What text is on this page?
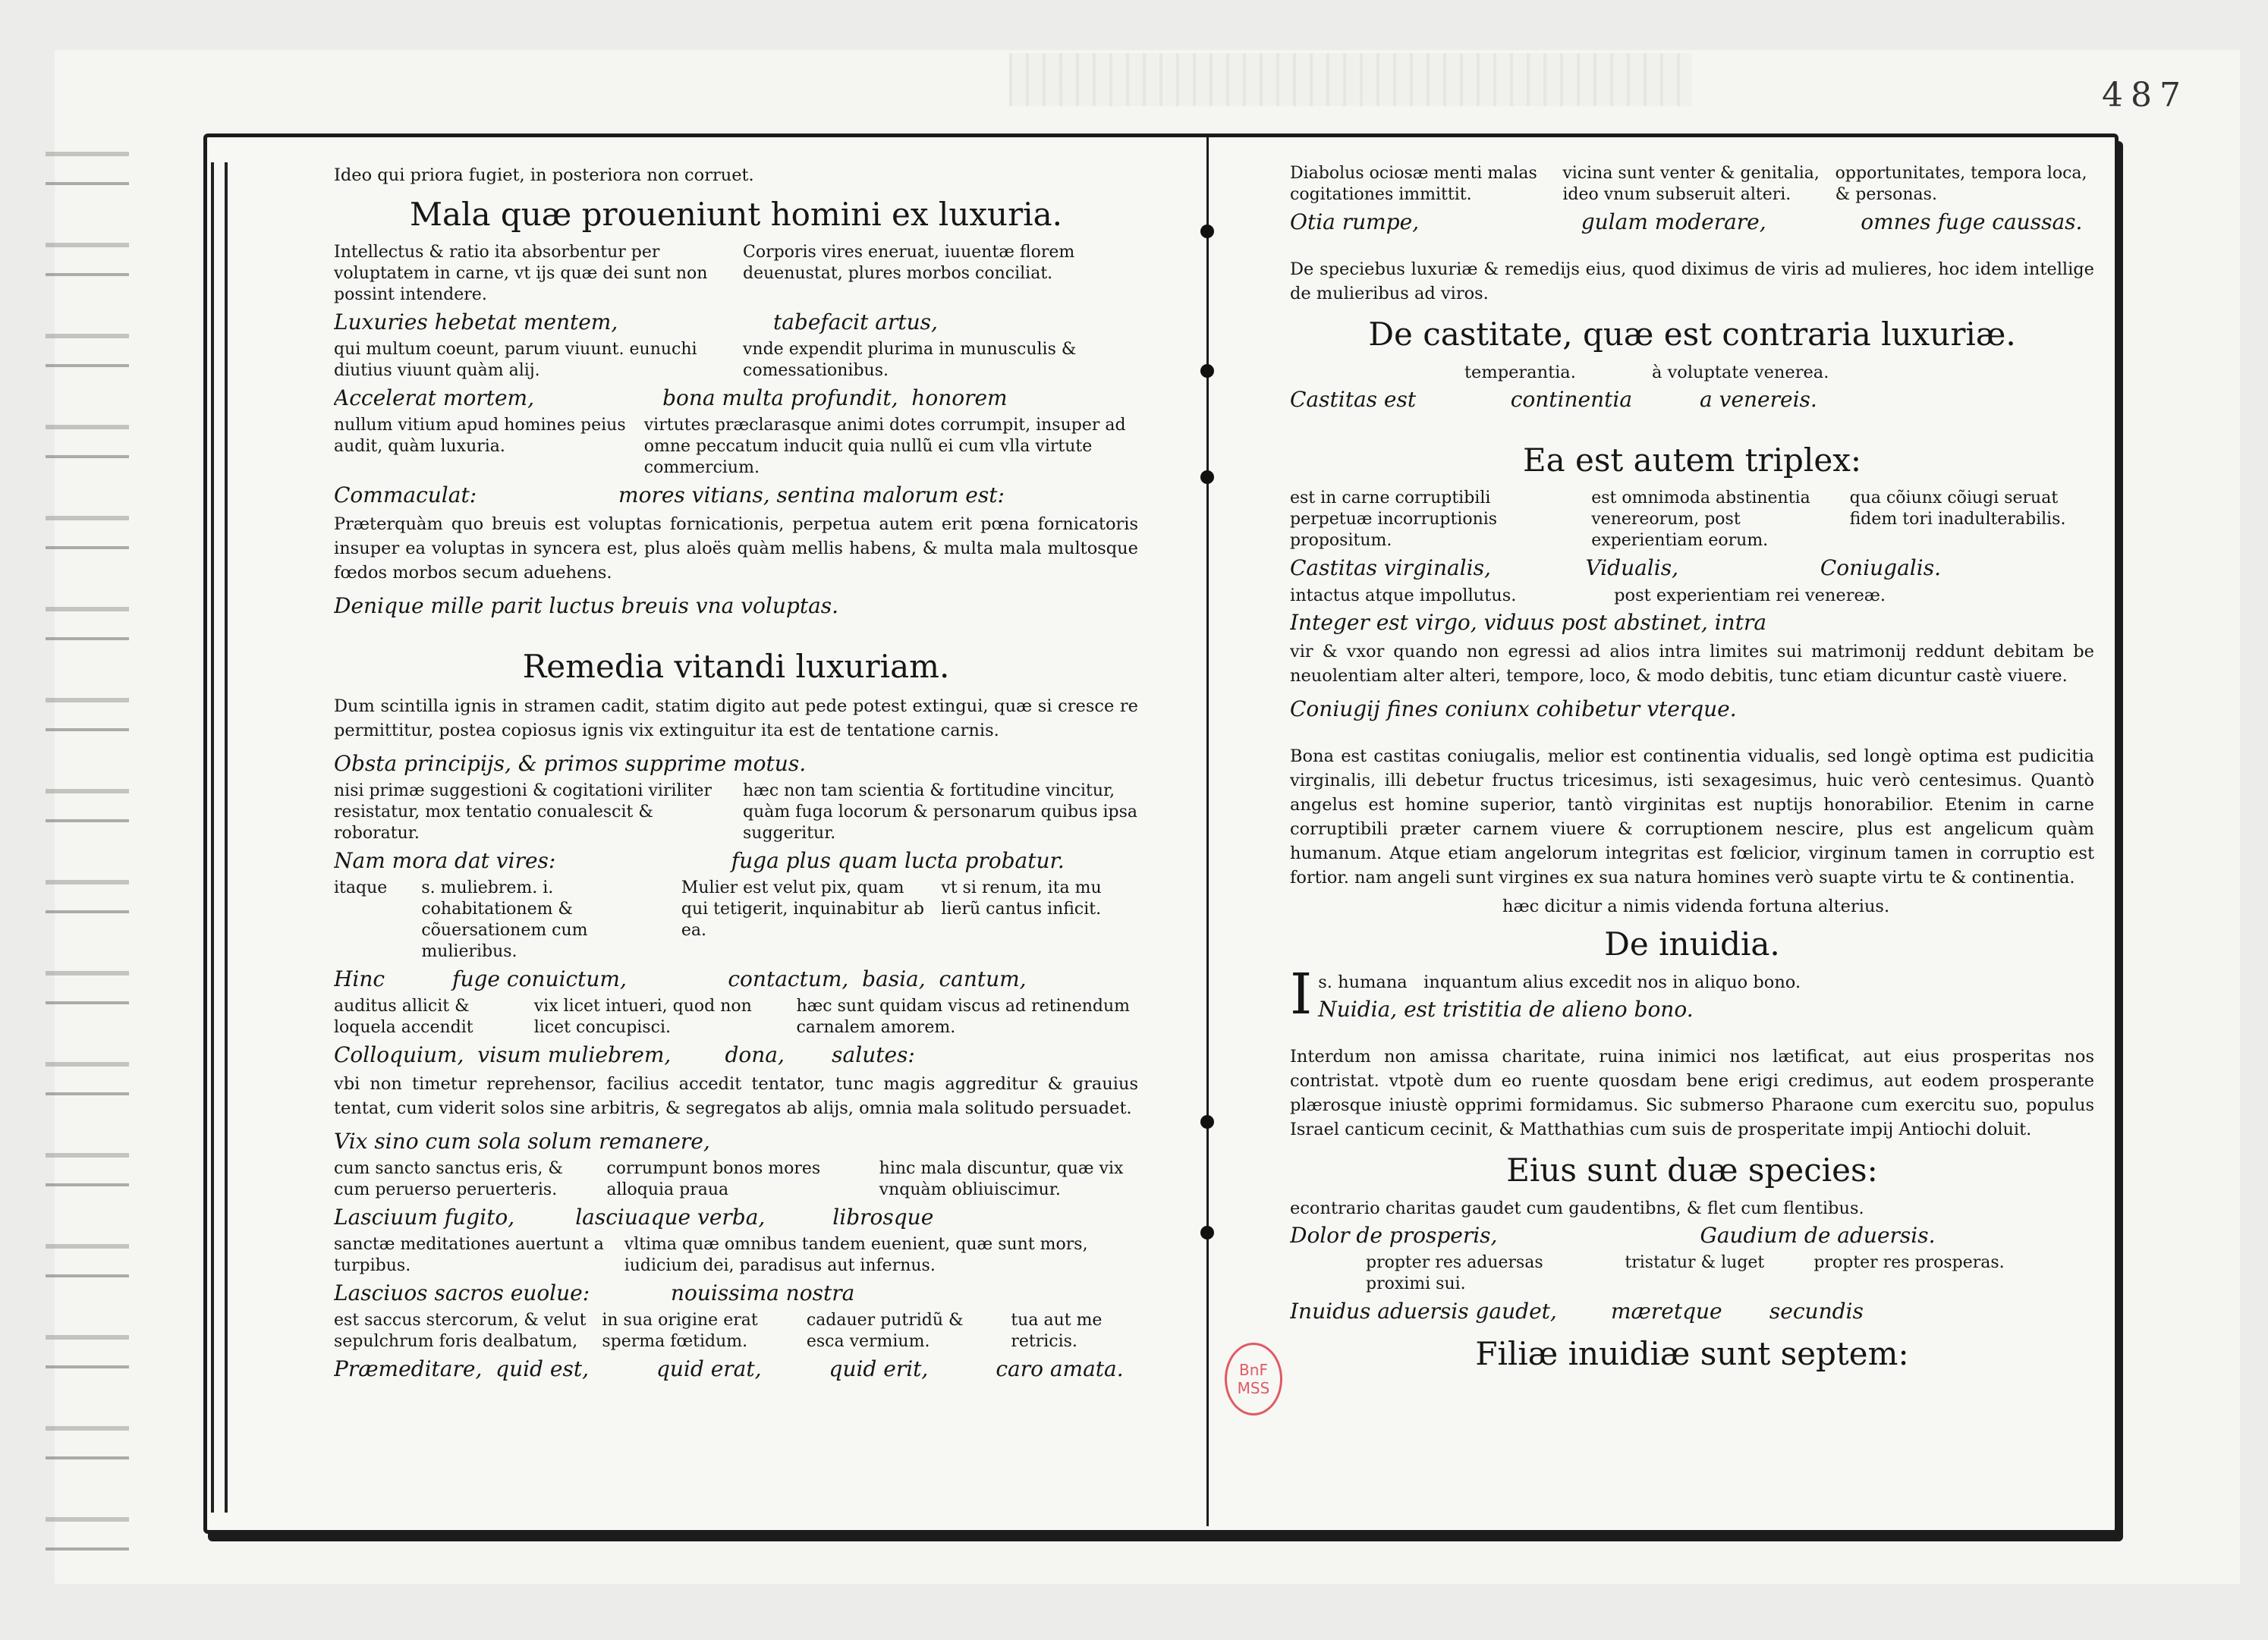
487

Ideo qui priora fugiet, in posteriora non corruet.

Mala quæ proueniunt homini ex luxuria.
Intellectus & ratio ita absorbentur per voluptatem in carne, vt ijs quæ dei sunt non possint intendere.
Corporis vires eneruat, iuuentæ florem deuenustat, plures morbos conciliat.
Luxuries hebetat mentem,                       tabefacit artus,
qui multum coeunt, parum viuunt. eunuchi diutius viuunt quàm alij.
vnde expendit plurima in munusculis & comessationibus.
Accelerat mortem,                   bona multa profundit,  honorem
nullum vitium apud homines peius audit, quàm luxuria.
virtutes præclarasque animi dotes corrumpit, insuper ad omne peccatum inducit quia nullũ ei cum vlla virtute commercium.
Commaculat:                     mores vitians, sentina malorum est:
Præterquàm quo breuis est voluptas fornicationis, perpetua autem erit pœna fornicatoris insuper ea voluptas in syncera est, plus aloës quàm mellis habens, & multa mala multosque fœdos morbos secum aduehens.
Denique mille parit luctus breuis vna voluptas.
Remedia vitandi luxuriam.
Dum scintilla ignis in stramen cadit, statim digito aut pede potest extingui, quæ si cresce re permittitur, postea copiosus ignis vix extinguitur ita est de tentatione carnis.
Obsta principijs, & primos supprime motus.
nisi primæ suggestioni & cogitationi viriliter resistatur, mox tentatio conualescit & roboratur.
hæc non tam scientia & fortitudine vincitur, quàm fuga locorum & personarum quibus ipsa suggeritur.
Nam mora dat vires:                          fuga plus quam lucta probatur.
itaque	s. muliebrem. i. cohabitationem & cõuersationem cum mulieribus.
Mulier est velut pix, quam qui tetigerit, inquinabitur ab ea.
vt si renum, ita mu lierũ cantus inficit.
Hinc          fuge conuictum,               contactum,  basia,  cantum,
auditus allicit & loquela accendit
vix licet intueri, quod non licet concupisci.
hæc sunt quidam viscus ad retinendum carnalem amorem.
Colloquium,  visum muliebrem,        dona,       salutes:
vbi non timetur reprehensor, facilius accedit tentator, tunc magis aggreditur & grauius tentat, cum viderit solos sine arbitris, & segregatos ab alijs, omnia mala solitudo persuadet.
Vix sino cum sola solum remanere,
cum sancto sanctus eris, & cum peruerso peruerteris.
corrumpunt bonos mores alloquia praua
hinc mala discuntur, quæ vix vnquàm obliuiscimur.
Lasciuum fugito,         lasciuaque verba,          librosque
sanctæ meditationes auertunt a turpibus.
vltima quæ omnibus tandem euenient, quæ sunt mors, iudicium dei, paradisus aut infernus.
Lasciuos sacros euolue:            nouissima nostra
est saccus stercorum, & velut sepulchrum foris dealbatum,
in sua origine erat sperma fœtidum.
cadauer putridũ & esca vermium.
tua aut me retricis.
Præmeditare,  quid est,          quid erat,          quid erit,          caro amata.
Diabolus ociosæ menti malas cogitationes immittit.
vicina sunt venter & genitalia, ideo vnum subseruit alteri.
opportunitates, tempora loca, & personas.
Otia rumpe,                        gulam moderare,              omnes fuge caussas.
De speciebus luxuriæ & remedijs eius, quod diximus de viris ad mulieres, hoc idem intellige de mulieribus ad viros.
De castitate, quæ est contraria luxuriæ.

temperantia.              à voluptate venerea.

Castitas est              continentia          a venereis.
Ea est autem triplex:
est in carne corruptibili perpetuæ incorruptionis propositum.
est omnimoda abstinentia venereorum, post experientiam eorum.
qua cõiunx cõiugi seruat fidem tori inadulterabilis.
Castitas virginalis,              Vidualis,                     Coniugalis.

intactus atque impollutus.                  post experientiam rei venereæ.

Integer est virgo, viduus post abstinet, intra
vir & vxor quando non egressi ad alios intra limites sui matrimonij reddunt debitam be neuolentiam alter alteri, tempore, loco, & modo debitis, tunc etiam dicuntur castè viuere.
Coniugij fines coniunx cohibetur vterque.
Bona est castitas coniugalis, melior est continentia vidualis, sed longè optima est pudicitia virginalis, illi debetur fructus tricesimus, isti sexagesimus, huic verò centesimus. Quantò angelus est homine superior, tantò virginitas est nuptijs honorabilior. Etenim in carne corruptibili præter carnem viuere & corruptionem nescire, plus est angelicum quàm humanum. Atque etiam angelorum integritas est fœlicior, virginum tamen in corruptio est fortior. nam angeli sunt virgines ex sua natura homines verò suapte virtu te & continentia.

hæc dicitur a nimis videnda fortuna alterius.

De inuidia.
I s. humana   inquantum alius excedit nos in aliquo bono.

Nuidia, est tristitia de alieno bono.
Interdum non amissa charitate, ruina inimici nos lætificat, aut eius prosperitas nos contristat. vtpotè dum eo ruente quosdam bene erigi credimus, aut eodem prosperante plærosque iniustè opprimi formidamus. Sic submerso Pharaone cum exercitu suo, populus Israel canticum cecinit, & Matthathias cum suis de prosperitate impij Antiochi doluit.
Eius sunt duæ species:

econtrario charitas gaudet cum gaudentibns, & flet cum flentibus.

Dolor de prosperis,                              Gaudium de aduersis.
propter res aduersas proximi sui.
tristatur & luget	propter res prosperas.
Inuidus aduersis gaudet,        mæretque       secundis
Filiæ inuidiæ sunt septem:
BnF
MSS
